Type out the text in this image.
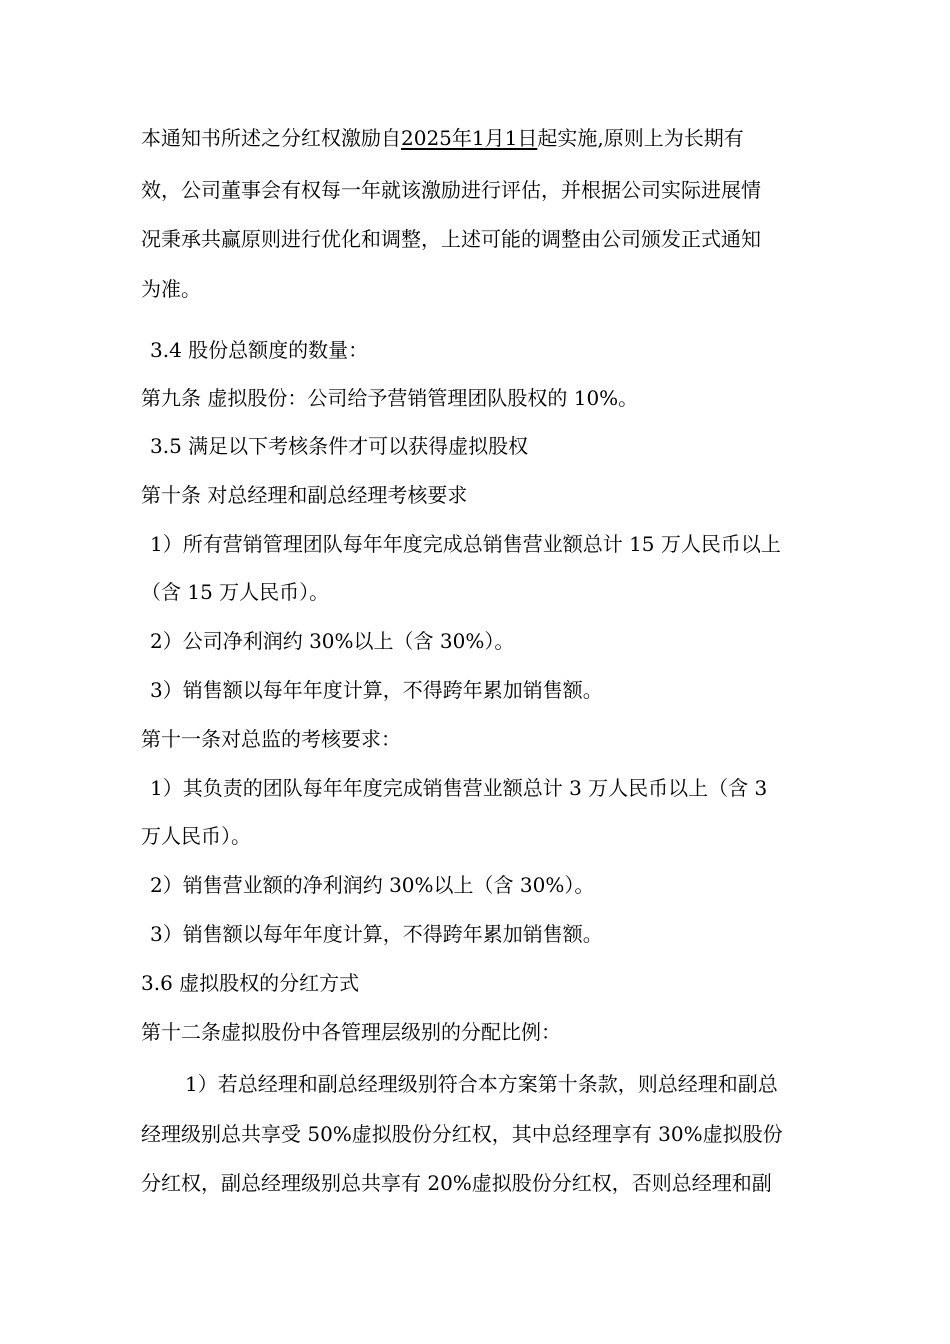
本通知书所述之分红权激励自2025年1月1日起实施,原则上为长期有
效，公司董事会有权每一年就该激励进行评估，并根据公司实际进展情
况秉承共赢原则进行优化和调整，上述可能的调整由公司颁发正式通知
为准。
3.4 股份总额度的数量：
第九条 虚拟股份：公司给予营销管理团队股权的 10%。
3.5 满足以下考核条件才可以获得虚拟股权
第十条 对总经理和副总经理考核要求
1）所有营销管理团队每年年度完成总销售营业额总计 15 万人民币以上
（含 15 万人民币）。
2）公司净利润约 30%以上（含 30%）。
3）销售额以每年年度计算，不得跨年累加销售额。
第十一条对总监的考核要求：
1）其负责的团队每年年度完成销售营业额总计 3 万人民币以上（含 3
万人民币）。
2）销售营业额的净利润约 30%以上（含 30%）。
3）销售额以每年年度计算，不得跨年累加销售额。
3.6 虚拟股权的分红方式
第十二条虚拟股份中各管理层级别的分配比例：
1）若总经理和副总经理级别符合本方案第十条款，则总经理和副总
经理级别总共享受 50%虚拟股份分红权，其中总经理享有 30%虚拟股份
分红权，副总经理级别总共享有 20%虚拟股份分红权，否则总经理和副
